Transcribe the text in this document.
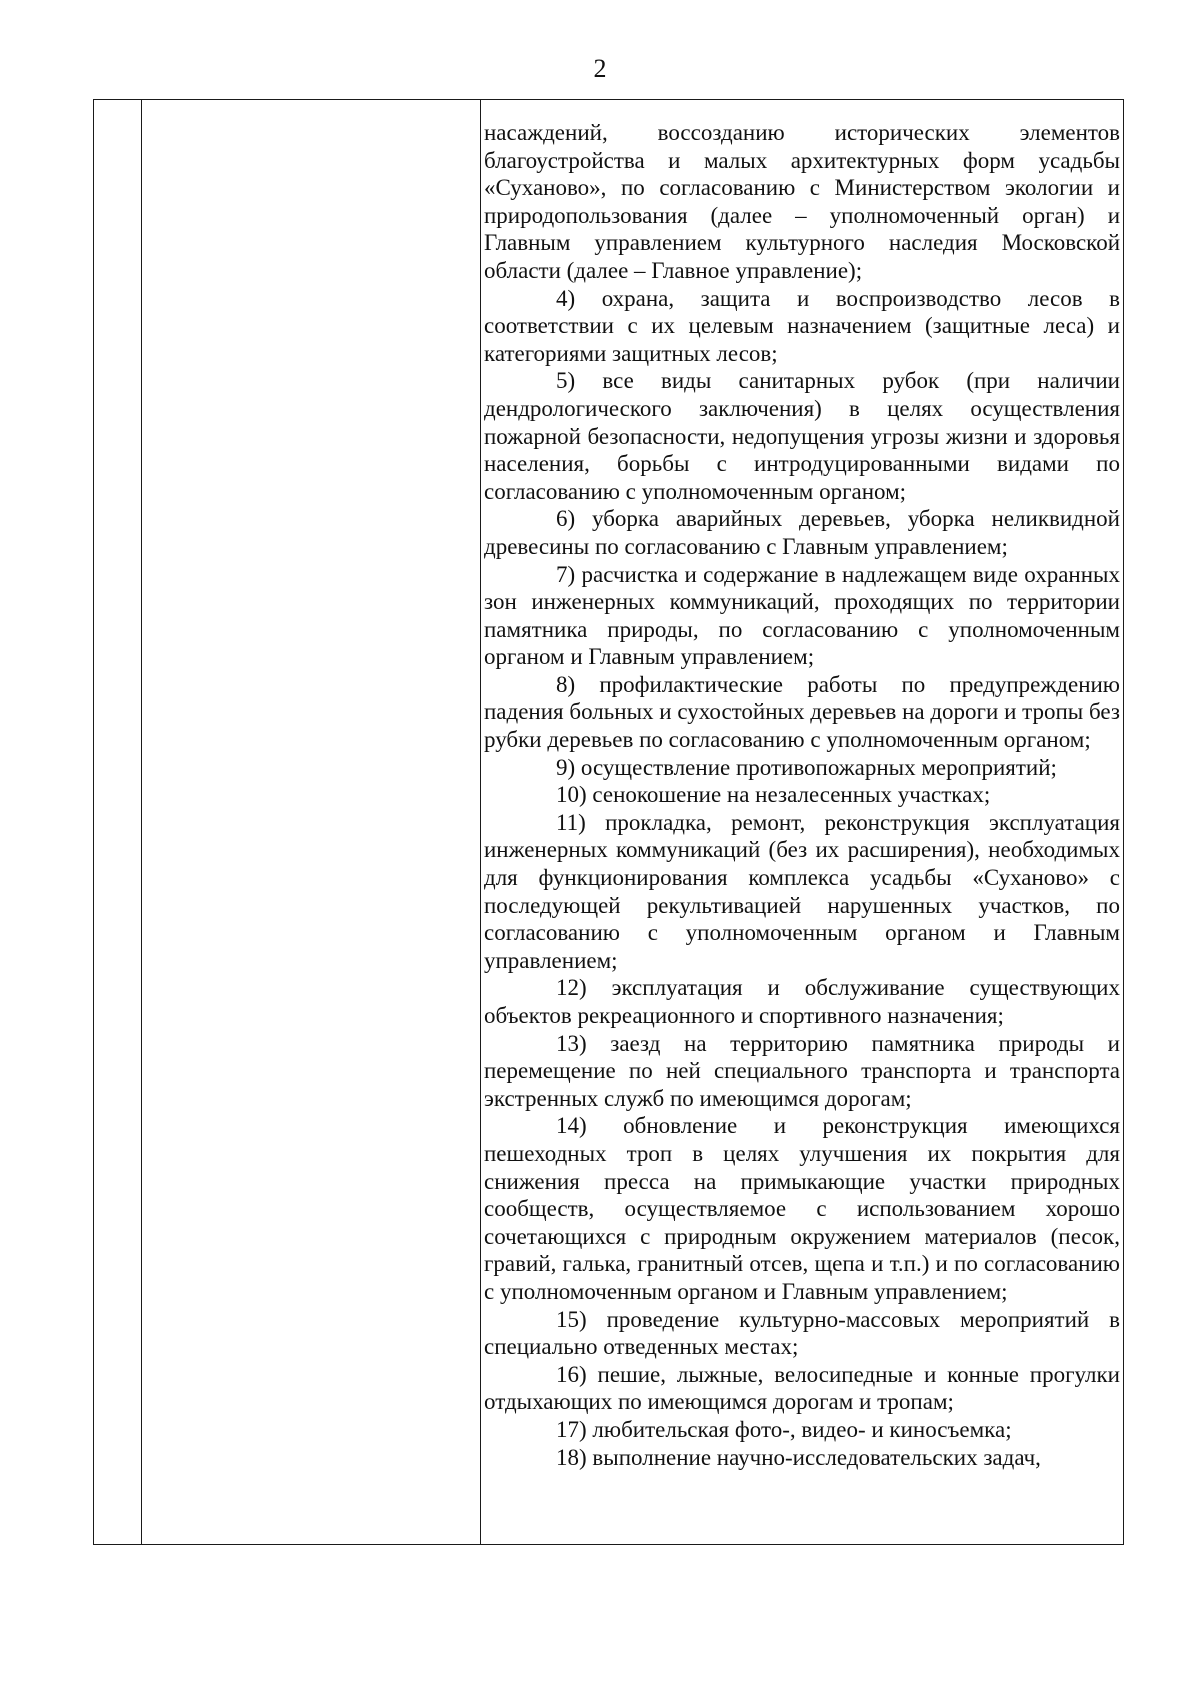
2

насаждений, воссозданию исторических элементов благоустройства и малых архитектурных форм усадьбы «Суханово», по согласованию с Министерством экологии и природопользования (далее – уполномоченный орган) и Главным управлением культурного наследия Московской области (далее – Главное управление);

4) охрана, защита и воспроизводство лесов в соответствии с их целевым назначением (защитные леса) и категориями защитных лесов;

5) все виды санитарных рубок (при наличии дендрологического заключения) в целях осуществления пожарной безопасности, недопущения угрозы жизни и здоровья населения, борьбы с интродуцированными видами по согласованию с уполномоченным органом;

6) уборка аварийных деревьев, уборка неликвидной древесины по согласованию с Главным управлением;

7) расчистка и содержание в надлежащем виде охранных зон инженерных коммуникаций, проходящих по территории памятника природы, по согласованию с уполномоченным органом и Главным управлением;

8) профилактические работы по предупреждению падения больных и сухостойных деревьев на дороги и тропы без рубки деревьев по согласованию с уполномоченным органом;

9) осуществление противопожарных мероприятий;

10) сенокошение на незалесенных участках;

11) прокладка, ремонт, реконструкция эксплуатация инженерных коммуникаций (без их расширения), необходимых для функционирования комплекса усадьбы «Суханово» с последующей рекультивацией нарушенных участков, по согласованию с уполномоченным органом и Главным управлением;

12) эксплуатация и обслуживание существующих объектов рекреационного и спортивного назначения;

13) заезд на территорию памятника природы и перемещение по ней специального транспорта и транспорта экстренных служб по имеющимся дорогам;

14) обновление и реконструкция имеющихся пешеходных троп в целях улучшения их покрытия для снижения пресса на примыкающие участки природных сообществ, осуществляемое с использованием хорошо сочетающихся с природным окружением материалов (песок, гравий, галька, гранитный отсев, щепа и т.п.) и по согласованию с уполномоченным органом и Главным управлением;

15) проведение культурно-массовых мероприятий в специально отведенных местах;

16) пешие, лыжные, велосипедные и конные прогулки отдыхающих по имеющимся дорогам и тропам;

17) любительская фото-, видео- и киносъемка;

18) выполнение научно-исследовательских задач,
